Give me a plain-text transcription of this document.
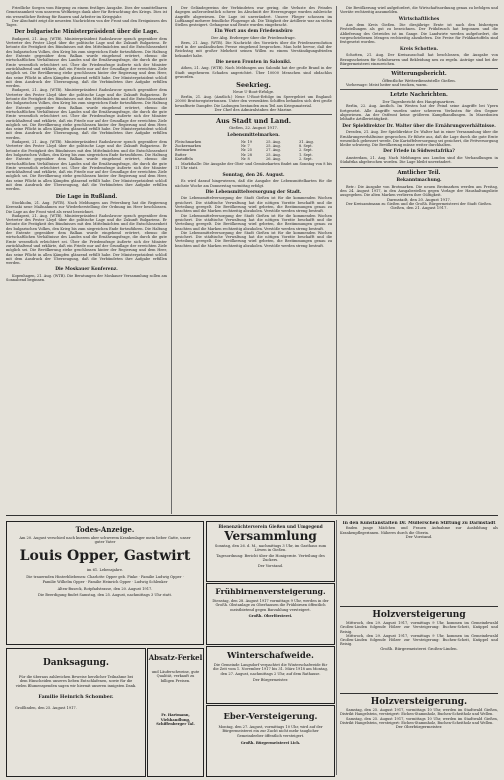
Friedliche Sorgen vom Bürgeng zu einem festliges Ausgabe. Dies der unmittelbaren Gemeinsamkeit vom unserem Weltkriegs dank aber für Betrachtung des Kriegs. Dies ist ein wesentlicher Beitrag für Bauern und Arbeiter im Kriegsjahr.

Der Abschnitt zeigt die neuesten Nachrichten von der Front und den Ereignissen des Tages.

Der bulgarische Ministerpräsident über die Lage.

Budapest, 21. Aug. (WTB). Ministerpräsident Radoslawow sprach gegenüber dem Vertreter des Pester Lloyd über die politische Lage und die Zukunft Bulgariens. Er betonte die Festigkeit des Bündnisses mit den Mittelmächten und die Entschlossenheit des bulgarischen Volkes, den Krieg bis zum siegreichen Ende fortzuführen. Die Haltung der Entente gegenüber dem Balkan wurde eingehend erörtert, ebenso die wirtschaftlichen Verhältnisse des Landes und die Ernährungsfrage, die durch die gute Ernte wesentlich erleichtert sei. Über die Friedensfrage äußerte sich der Minister zurückhaltend und erklärte, daß ein Friede nur auf der Grundlage der erreichten Ziele möglich sei. Die Bevölkerung stehe geschlossen hinter der Regierung und dem Heer, das seine Pflicht in allen Kämpfen glänzend erfüllt habe. Der Ministerpräsident schloß mit dem Ausdruck der Überzeugung, daß die Verbündeten ihre Aufgabe erfüllen werden.

Budapest, 21. Aug. (WTB). Ministerpräsident Radoslawow sprach gegenüber dem Vertreter des Pester Lloyd über die politische Lage und die Zukunft Bulgariens. Er betonte die Festigkeit des Bündnisses mit den Mittelmächten und die Entschlossenheit des bulgarischen Volkes, den Krieg bis zum siegreichen Ende fortzuführen. Die Haltung der Entente gegenüber dem Balkan wurde eingehend erörtert, ebenso die wirtschaftlichen Verhältnisse des Landes und die Ernährungsfrage, die durch die gute Ernte wesentlich erleichtert sei. Über die Friedensfrage äußerte sich der Minister zurückhaltend und erklärte, daß ein Friede nur auf der Grundlage der erreichten Ziele möglich sei. Die Bevölkerung stehe geschlossen hinter der Regierung und dem Heer, das seine Pflicht in allen Kämpfen glänzend erfüllt habe. Der Ministerpräsident schloß mit dem Ausdruck der Überzeugung, daß die Verbündeten ihre Aufgabe erfüllen werden.

Budapest, 21. Aug. (WTB). Ministerpräsident Radoslawow sprach gegenüber dem Vertreter des Pester Lloyd über die politische Lage und die Zukunft Bulgariens. Er betonte die Festigkeit des Bündnisses mit den Mittelmächten und die Entschlossenheit des bulgarischen Volkes, den Krieg bis zum siegreichen Ende fortzuführen. Die Haltung der Entente gegenüber dem Balkan wurde eingehend erörtert, ebenso die wirtschaftlichen Verhältnisse des Landes und die Ernährungsfrage, die durch die gute Ernte wesentlich erleichtert sei. Über die Friedensfrage äußerte sich der Minister zurückhaltend und erklärte, daß ein Friede nur auf der Grundlage der erreichten Ziele möglich sei. Die Bevölkerung stehe geschlossen hinter der Regierung und dem Heer, das seine Pflicht in allen Kämpfen glänzend erfüllt habe. Der Ministerpräsident schloß mit dem Ausdruck der Überzeugung, daß die Verbündeten ihre Aufgabe erfüllen werden.

Die Lage in Rußland.

Stockholm, 21. Aug. (WTB). Nach Meldungen aus Petersburg hat die Regierung Kerenski neue Maßnahmen zur Wiederherstellung der Ordnung im Heer beschlossen. Die Lage an der Front wird als ernst bezeichnet.

Budapest, 21. Aug. (WTB). Ministerpräsident Radoslawow sprach gegenüber dem Vertreter des Pester Lloyd über die politische Lage und die Zukunft Bulgariens. Er betonte die Festigkeit des Bündnisses mit den Mittelmächten und die Entschlossenheit des bulgarischen Volkes, den Krieg bis zum siegreichen Ende fortzuführen. Die Haltung der Entente gegenüber dem Balkan wurde eingehend erörtert, ebenso die wirtschaftlichen Verhältnisse des Landes und die Ernährungsfrage, die durch die gute Ernte wesentlich erleichtert sei. Über die Friedensfrage äußerte sich der Minister zurückhaltend und erklärte, daß ein Friede nur auf der Grundlage der erreichten Ziele möglich sei. Die Bevölkerung stehe geschlossen hinter der Regierung und dem Heer, das seine Pflicht in allen Kämpfen glänzend erfüllt habe. Der Ministerpräsident schloß mit dem Ausdruck der Überzeugung, daß die Verbündeten ihre Aufgabe erfüllen werden.

Die Moskauer Konferenz.

Kopenhagen, 21. Aug. (WTB). Die Beratungen der Moskauer Versammlung sollen am Sonnabend beginnen.

Der Geländegewinn der Verbündeten war gering, die Verluste des Feindes dagegen außerordentlich schwer. Im Abschnitt der Heeresgruppe wurden zahlreiche Angriffe abgewiesen. Die Lage ist unverändert. Unsere Flieger schossen im Luftkampf mehrere feindliche Flugzeuge ab. Die Tätigkeit der Artillerie war an vielen Stellen gesteigert. Gefangene und Beute wurden eingebracht.

Ein Wort aus dem Friedensbüro

Der Abg. Erzberger über die Friedensfrage.

Bern, 21. Aug. (WTB). Die Nachricht des Vorwärts über die Friedensresolution wird in der ausländischen Presse eingehend besprochen. Man hebt hervor, daß der Reichstag mit großer Mehrheit seinen Willen zu einem Verständigungsfrieden bekundet habe.

Die neuen Fronten in Saloniki.

Athen, 21. Aug. (WTB). Nach Meldungen aus Saloniki hat der große Brand in der Stadt ungeheuren Schaden angerichtet. Über 10000 Menschen sind obdachlos geworden.

Seekrieg.

Neue U-Boot-Erfolge.

Berlin, 21. Aug. (Amtlich.) Neue U-Boot-Erfolge im Sperrgebiet um England: 20000 Bruttoregistertonnen. Unter den versenkten Schiffen befanden sich drei große bewaffnete Dampfer. Die Ladungen bestanden zum Teil aus Kriegsmaterial.

Der Chef des Admiralstabes der Marine.

Aus Stadt und Land.

Gießen, 22. August 1917.

Lebensmittelmarken.
Fleischmarken	Nr. 19	25. Aug.	31. Aug.
Zuckermarken	Nr. 7	25. Aug.	8. Sept.
Brotmarken	Nr. 25	27. Aug.	2. Sept.
Butter	Nr. 28	25. Aug.	1. Sept.
Kartoffeln	Nr. 8	26. Aug.	2. Sept.

Markthalle: Die Ausgabe der Obst- und Gemüsekarten findet am Sonntag von 8 bis 11 Uhr statt.

Sonntag, den 26. August.

Es wird darauf hingewiesen, daß die Ausgabe der Lebensmittelkarten für die nächste Woche am Donnerstag vormittag erfolgt.

Die Lebensmittelversorgung der Stadt.

Die Lebensmittelversorgung der Stadt Gießen ist für die kommenden Wochen gesichert. Die städtische Verwaltung hat die nötigen Vorräte beschafft und die Verteilung geregelt. Die Bevölkerung wird gebeten, die Bestimmungen genau zu beachten und die Marken rechtzeitig abzuholen. Verstöße werden streng bestraft.

Die Lebensmittelversorgung der Stadt Gießen ist für die kommenden Wochen gesichert. Die städtische Verwaltung hat die nötigen Vorräte beschafft und die Verteilung geregelt. Die Bevölkerung wird gebeten, die Bestimmungen genau zu beachten und die Marken rechtzeitig abzuholen. Verstöße werden streng bestraft.

Die Lebensmittelversorgung der Stadt Gießen ist für die kommenden Wochen gesichert. Die städtische Verwaltung hat die nötigen Vorräte beschafft und die Verteilung geregelt. Die Bevölkerung wird gebeten, die Bestimmungen genau zu beachten und die Marken rechtzeitig abzuholen. Verstöße werden streng bestraft.

Die Bevölkerung wird aufgefordert, die Wirtschaftsordnung genau zu befolgen und Vorräte rechtzeitig anzumelden.

Wirtschaftliches

Aus dem Kreis Gießen. Die diesjährige Ernte ist nach den bisherigen Feststellungen als gut zu bezeichnen. Der Frühdrusch hat begonnen und die Ablieferung des Getreides ist im Gange. Die Landwirte werden aufgefordert, die vorgeschriebenen Mengen rechtzeitig abzuliefern. Die Preise für Frühkartoffeln sind festgesetzt worden.

Kreis Schotten.

Schotten, 21. Aug. Der Kreisausschuß hat beschlossen, die Ausgabe von Bezugsscheinen für Schuhwaren und Bekleidung neu zu regeln. Anträge sind bei der Bürgermeisterei einzureichen.

Witterungsbericht.

Öffentliche Wetterdienststelle Gießen.

Vorhersage: Meist heiter und trocken, warm.

Letzte Nachrichten.

Der Tagesbericht des Hauptquartiers.

Berlin, 22. Aug. Amtlich. Im Westen hat der Feind seine Angriffe bei Ypern fortgesetzt. Alle Angriffe wurden unter schweren Verlusten für den Gegner abgewiesen. An der Ostfront keine größeren Kampfhandlungen. In Mazedonien lebhafte Artillerietätigkeit.

Der Spieldirektor Dr. Walter über die Ernährungsverhältnisse.

Dresden, 21. Aug. Der Spieldirektor Dr. Walter hat in einer Versammlung über die Ernährungsverhältnisse gesprochen. Er führte aus, daß die Lage durch die gute Ernte wesentlich gebessert werde. Die Kartoffelversorgung sei gesichert, die Fettversorgung bleibe schwierig. Die Bevölkerung müsse weiter durchhalten.

Der Friede in Südwestafrika?

Amsterdam, 21. Aug. Nach Meldungen aus London sind die Verhandlungen in Südafrika abgebrochen worden. Die Lage bleibt unverändert.

Amtlicher Teil.
Bekanntmachung.

Betr.: Die Ausgabe von Brotmarken. Die neuen Brotmarken werden am Freitag, den 24. August 1917, in den Ausgabestellen gegen Vorlage der Haushaltungsliste ausgegeben. Die alten Marken verlieren ihre Gültigkeit.

Darmstadt, den 20. August 1917.

Der Kreisamtmann zu Gießen und die Großh. Bürgermeisterei der Stadt Gießen.

Gießen, den 21. August 1917.

Todes-Anzeige.

Am 20. August verschied nach kurzem aber schwerem Krankenlager mein lieber Gatte, unser guter Vater

Louis Opper, Gastwirt

im 61. Lebensjahre.

Die trauernden Hinterbliebenen: Charlotte Opper geb. Finke · Familie Ludwig Opper · Familie Wilhelm Opper · Familie Heinrich Opper · Ludwig Schlenker

Alten-Buseck, Rotpfadstrasse, den 20. August 1917.

Die Beerdigung findet Samstag, den 25. August, nachmittags 3 Uhr statt.

Danksagung.

Für die überaus zahlreichen Beweise herzlicher Teilnahme bei dem Hinscheiden unseres lieben Entschlafenen, sowie für die vielen Blumenspenden sagen wir hiermit unseren innigsten Dank.

Familie Heinrich Schomber.

Großlinden, den 25. August 1917.

Absatz-Ferkel

und Läuferschweine, gute Qualität, verkauft zu billigen Preisen.

Fr. Hartmann, Viehhandlung, Schiffenberger Tal.

Bienenzüchterverein Gießen und Umgegend

Versammlung

Sonntag, den 26. d. M., nachmittags 3 Uhr, im Gasthaus zum Löwen in Gießen.

Tagesordnung: Bericht über die Honigernte. Verteilung des Zuckers.

Der Vorstand.

Frühbirnenversteigerung.

Dienstag, den 28. August 1917 vormittags 9 Uhr, werden in der Großh. Obstanlage zu Oberhausen die Frühbirnen öffentlich meistbietend gegen Barzahlung versteigert.

Großh. Oberförsterei.

Winterschafweide.

Die Gemeinde Langsdorf verpachtet die Winterschafweide für die Zeit vom 1. November 1917 bis 31. März 1918 am Montag, den 27. August, nachmittags 2 Uhr, auf dem Rathause.

Der Bürgermeister.

Eber-Versteigerung.

Montag, den 27. August, vormittags 10 Uhr, wird auf der Bürgermeisterei ein zur Zucht nicht mehr tauglicher Gemeindeeber öffentlich versteigert.

Großh. Bürgermeisterei Lich.

In den Kunstanstalten Dr. Müllerschen Stiftung zu Darmstadt

finden junge Mädchen und Frauen Aufnahme zur Ausbildung als Krankenpflegerinnen. Näheres durch die Oberin.

Der Vorstand.

Holzversteigerung

Mittwoch, den 29. August 1917, vormittags 9 Uhr, kommen im Gemeindewald Großen-Linden folgende Hölzer zur Versteigerung: Buchen-Scheit, Knüppel und Reisig.

Mittwoch, den 29. August 1917, vormittags 9 Uhr, kommen im Gemeindewald Großen-Linden folgende Hölzer zur Versteigerung: Buchen-Scheit, Knüppel und Reisig.

Großh. Bürgermeisterei Großen-Linden.

Holzversteigerung.

Samstag, den 25. August 1917, vormittags 10 Uhr, werden im Stadtwald Gießen, Distrikt Hangelstein, versteigert: Eichen-Stammholz, Buchen-Scheitholz und Wellen.

Samstag, den 25. August 1917, vormittags 10 Uhr, werden im Stadtwald Gießen, Distrikt Hangelstein, versteigert: Eichen-Stammholz, Buchen-Scheitholz und Wellen.

Der Oberbürgermeister.
